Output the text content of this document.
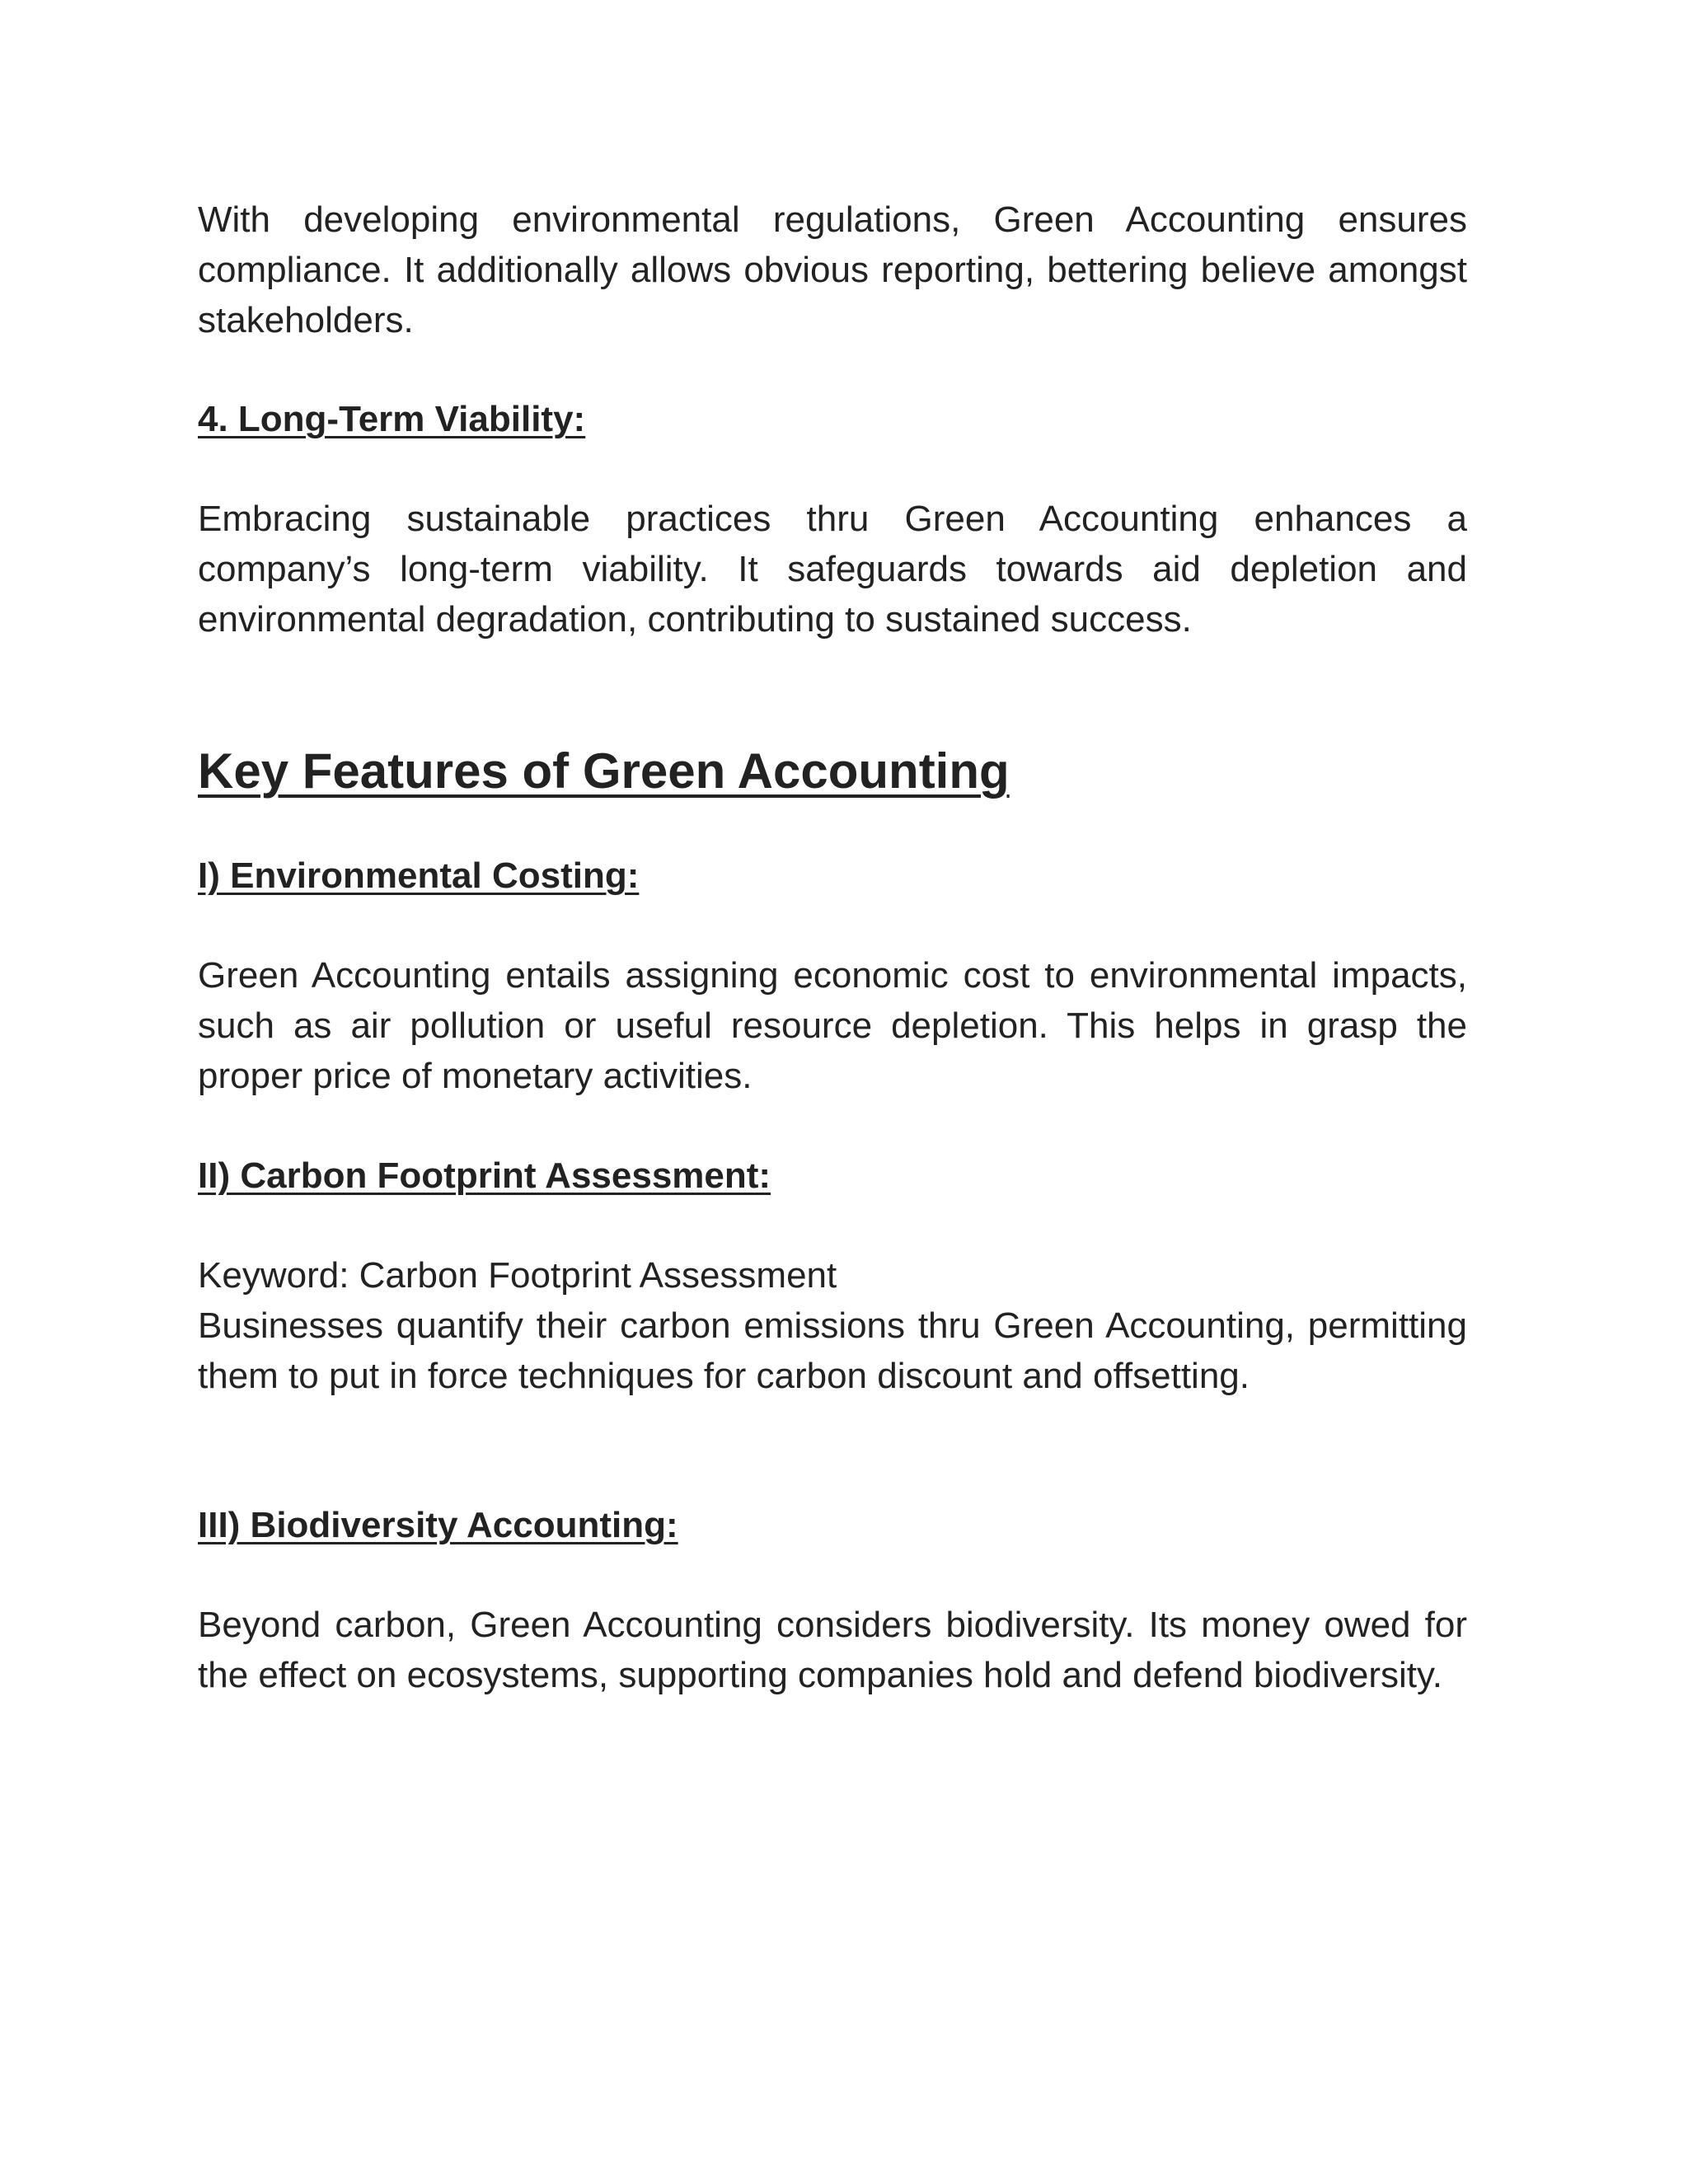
With developing environmental regulations, Green Accounting ensures compliance. It additionally allows obvious reporting, bettering believe amongst stakeholders.

4. Long-Term Viability:

Embracing sustainable practices thru Green Accounting enhances a company’s long-term viability. It safeguards towards aid depletion and environmental degradation, contributing to sustained success.

Key Features of Green Accounting

I) Environmental Costing:

Green Accounting entails assigning economic cost to environmental impacts, such as air pollution or useful resource depletion. This helps in grasp the proper price of monetary activities.

II) Carbon Footprint Assessment:

Keyword: Carbon Footprint Assessment

Businesses quantify their carbon emissions thru Green Accounting, permitting them to put in force techniques for carbon discount and offsetting.

III) Biodiversity Accounting:

Beyond carbon, Green Accounting considers biodiversity. Its money owed for the effect on ecosystems, supporting companies hold and defend biodiversity.
